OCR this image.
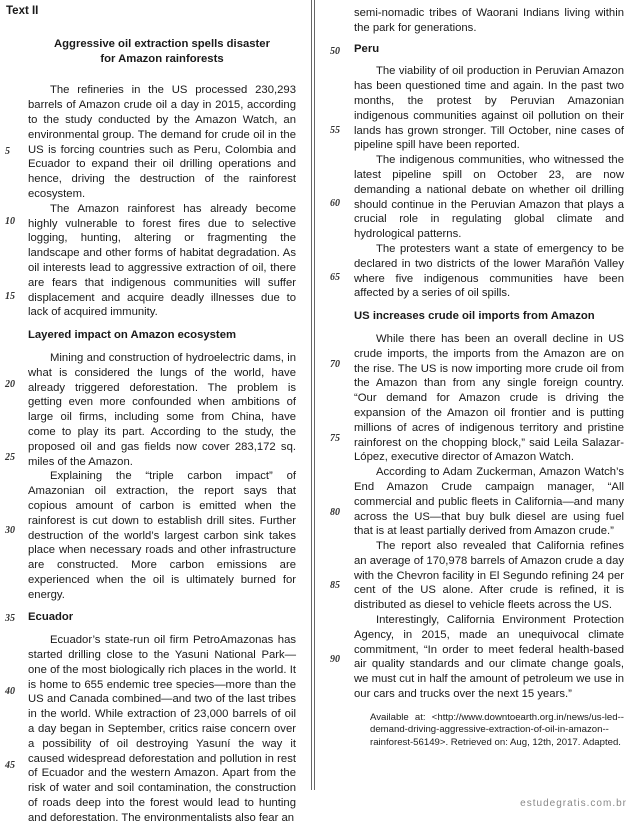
Text II
Aggressive oil extraction spells disaster
for Amazon rainforests

The refineries in the US processed 230,293 barrels of Amazon crude oil a day in 2015, according to the study conducted by the Amazon Watch, an environmental group. The demand for crude oil in the US is forcing countries such as Peru, Colombia and Ecuador to expand their oil drilling operations and hence, driving the destruction of the rainforest ecosystem.

The Amazon rainforest has already become highly vulnerable to forest fires due to selective logging, hunting, altering or fragmenting the landscape and other forms of habitat degradation. As oil interests lead to aggressive extraction of oil, there are fears that indigenous communities will suffer displacement and acquire deadly illnesses due to lack of acquired immunity.

Layered impact on Amazon ecosystem

Mining and construction of hydroelectric dams, in what is considered the lungs of the world, have already triggered deforestation. The problem is getting even more confounded when ambitions of large oil firms, including some from China, have come to play its part. According to the study, the proposed oil and gas fields now cover 283,172 sq. miles of the Amazon.

Explaining the “triple carbon impact” of Amazonian oil extraction, the report says that copious amount of carbon is emitted when the rainforest is cut down to establish drill sites. Further destruction of the world’s largest carbon sink takes place when necessary roads and other infrastructure are constructed. More carbon emissions are experienced when the oil is ultimately burned for energy.

Ecuador

Ecuador’s state-run oil firm PetroAmazonas has started drilling close to the Yasuni National Park—one of the most biologically rich places in the world. It is home to 655 endemic tree species—more than the US and Canada combined—and two of the last tribes in the world. While extraction of 23,000 barrels of oil a day began in September, critics raise concern over a possibility of oil destroying Yasuní the way it caused widespread deforestation and pollution in rest of Ecuador and the western Amazon. Apart from the risk of water and soil contamination, the construction of roads deep into the forest would lead to hunting and deforestation. The environmentalists also fear an

semi-nomadic tribes of Waorani Indians living within the park for generations.

Peru

The viability of oil production in Peruvian Amazon has been questioned time and again. In the past two months, the protest by Peruvian Amazonian indigenous communities against oil pollution on their lands has grown stronger. Till October, nine cases of pipeline spill have been reported.

The indigenous communities, who witnessed the latest pipeline spill on October 23, are now demanding a national debate on whether oil drilling should continue in the Peruvian Amazon that plays a crucial role in regulating global climate and hydrological patterns.

The protesters want a state of emergency to be declared in two districts of the lower Marañón Valley where five indigenous communities have been affected by a series of oil spills.

US increases crude oil imports from Amazon

While there has been an overall decline in US crude imports, the imports from the Amazon are on the rise. The US is now importing more crude oil from the Amazon than from any single foreign country. “Our demand for Amazon crude is driving the expansion of the Amazon oil frontier and is putting millions of acres of indigenous territory and pristine rainforest on the chopping block,” said Leila Salazar-López, executive director of Amazon Watch.

According to Adam Zuckerman, Amazon Watch’s End Amazon Crude campaign manager, “All commercial and public fleets in California—and many across the US—that buy bulk diesel are using fuel that is at least partially derived from Amazon crude.”

The report also revealed that California refines an average of 170,978 barrels of Amazon crude a day with the Chevron facility in El Segundo refining 24 per cent of the US alone. After crude is refined, it is distributed as diesel to vehicle fleets across the US.

Interestingly, California Environment Protection Agency, in 2015, made an unequivocal climate commitment, “In order to meet federal health-based air quality standards and our climate change goals, we must cut in half the amount of petroleum we use in our cars and trucks over the next 15 years.”

Available at: <http://www.downtoearth.org.in/news/us-led--demand-driving-aggressive-extraction-of-oil-in-amazon--rainforest-56149>. Retrieved on: Aug, 12th, 2017. Adapted.
5
10
15
20
25
30
35
40
45
50
55
60
65
70
75
80
85
90
estudegratis.com.br
